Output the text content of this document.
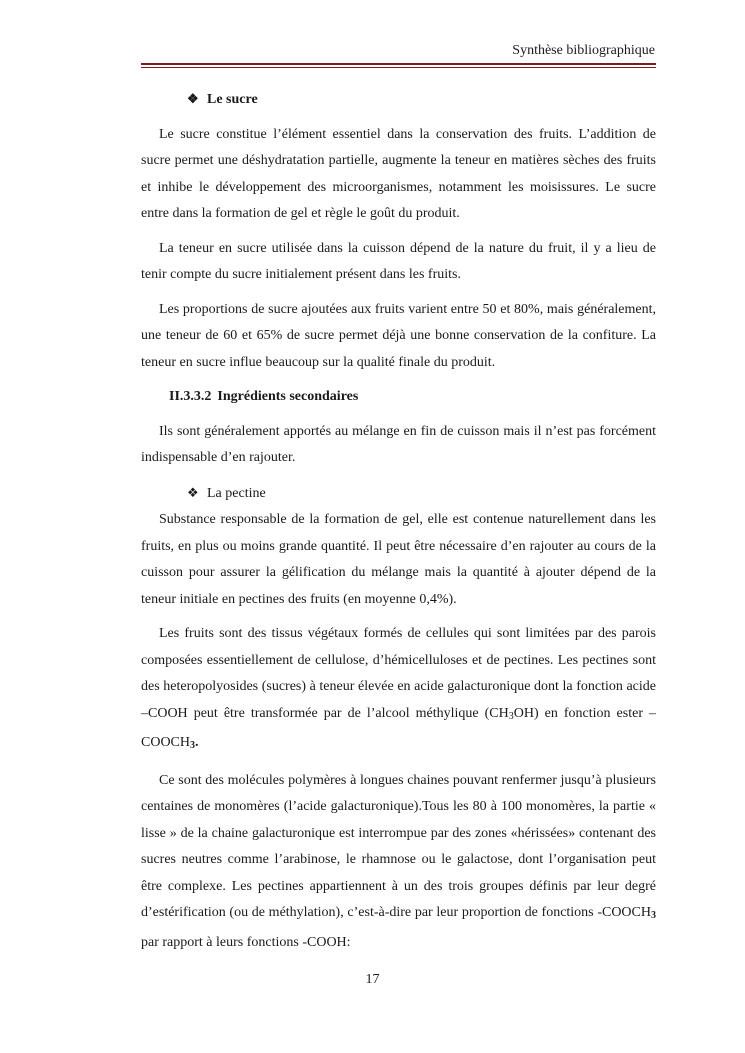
Synthèse bibliographique
❖ Le sucre

Le sucre constitue l’élément essentiel dans la conservation des fruits. L’addition de sucre permet une déshydratation partielle, augmente la teneur en matières sèches des fruits et inhibe le développement des microorganismes, notamment les moisissures. Le sucre entre dans la formation de gel et règle le goût du produit.

La teneur en sucre utilisée dans la cuisson dépend de la nature du fruit, il y a lieu de tenir compte du sucre initialement présent dans les fruits.

Les proportions de sucre ajoutées aux fruits varient entre 50 et 80%, mais généralement, une teneur de 60 et 65% de sucre permet déjà une bonne conservation de la confiture. La teneur en sucre influe beaucoup sur la qualité finale du produit.

II.3.3.2 Ingrédients secondaires

Ils sont généralement apportés au mélange en fin de cuisson mais il n’est pas forcément indispensable d’en rajouter.

❖ La pectine

Substance responsable de la formation de gel, elle est contenue naturellement dans les fruits, en plus ou moins grande quantité. Il peut être nécessaire d’en rajouter au cours de la cuisson pour assurer la gélification du mélange mais la quantité à ajouter dépend de la teneur initiale en pectines des fruits (en moyenne 0,4%).

Les fruits sont des tissus végétaux formés de cellules qui sont limitées par des parois composées essentiellement de cellulose, d’hémicelluloses et de pectines. Les pectines sont des heteropolyosides (sucres) à teneur élevée en acide galacturonique dont la fonction acide –COOH peut être transformée par de l’alcool méthylique $(CH_3OH)$ en fonction ester $-COOCH_3$.

Ce sont des molécules polymères à longues chaines pouvant renfermer jusqu’à plusieurs centaines de monomères (l’acide galacturonique).Tous les 80 à 100 monomères, la partie « lisse » de la chaine galacturonique est interrompue par des zones «hérissées» contenant des sucres neutres comme l’arabinose, le rhamnose ou le galactose, dont l’organisation peut être complexe. Les pectines appartiennent à un des trois groupes définis par leur degré d’estérification (ou de méthylation), c’est-à-dire par leur proportion de fonctions $-COOCH_3$ par rapport à leurs fonctions -COOH:

17
